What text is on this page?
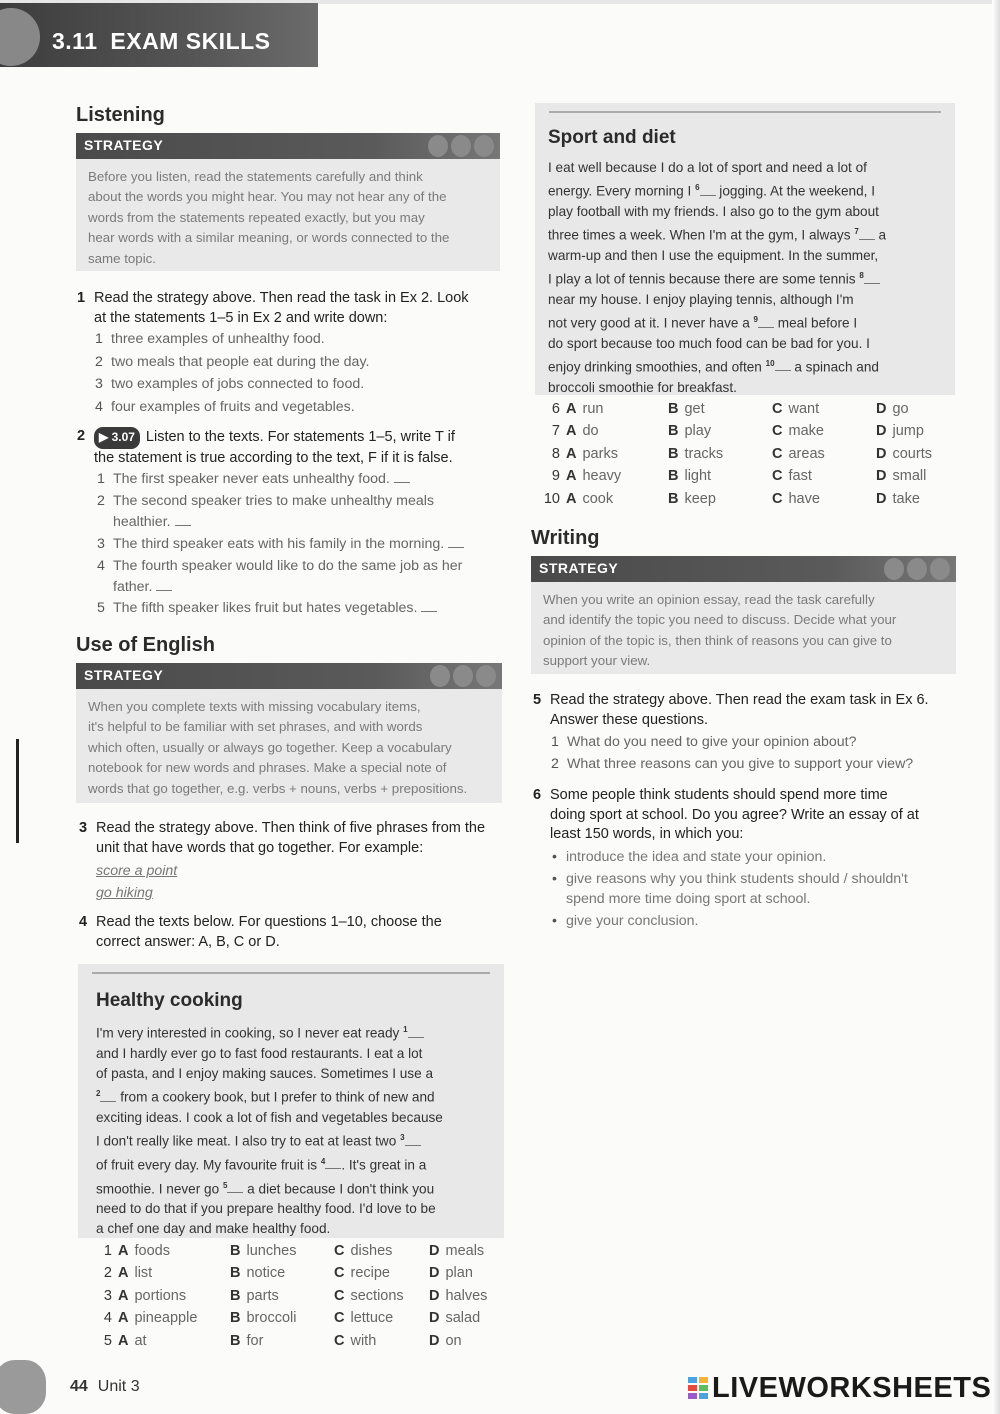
3.11 EXAM SKILLS
Listening
STRATEGY
Before you listen, read the statements carefully and think
about the words you might hear. You may not hear any of the
words from the statements repeated exactly, but you may
hear words with a similar meaning, or words connected to the
same topic.
1 Read the strategy above. Then read the task in Ex 2. Look
at the statements 1–5 in Ex 2 and write down:
1 three examples of unhealthy food.
2 two meals that people eat during the day.
3 two examples of jobs connected to food.
4 four examples of fruits and vegetables.
2 ▶ 3.07 Listen to the texts. For statements 1–5, write T if
the statement is true according to the text, F if it is false.
1 The first speaker never eats unhealthy food.
2 The second speaker tries to make unhealthy meals
healthier.
3 The third speaker eats with his family in the morning.
4 The fourth speaker would like to do the same job as her
father.
5 The fifth speaker likes fruit but hates vegetables.
Use of English
STRATEGY
When you complete texts with missing vocabulary items,
it's helpful to be familiar with set phrases, and with words
which often, usually or always go together. Keep a vocabulary
notebook for new words and phrases. Make a special note of
words that go together, e.g. verbs + nouns, verbs + prepositions.
3 Read the strategy above. Then think of five phrases from the
unit that have words that go together. For example:
score a point
go hiking
4 Read the texts below. For questions 1–10, choose the
correct answer: A, B, C or D.
Healthy cooking
I'm very interested in cooking, so I never eat ready $^1$
and I hardly ever go to fast food restaurants. I eat a lot
of pasta, and I enjoy making sauces. Sometimes I use a
$^2$ from a cookery book, but I prefer to think of new and
exciting ideas. I cook a lot of fish and vegetables because
I don't really like meat. I also try to eat at least two $^3$
of fruit every day. My favourite fruit is $^4$ . It's great in a
smoothie. I never go $^5$ a diet because I don't think you
need to do that if you prepare healthy food. I'd love to be
a chef one day and make healthy food.
1	A foods	B lunches	C dishes	D meals
2	A list	B notice	C recipe	D plan
3	A portions	B parts	C sections	D halves
4	A pineapple	B broccoli	C lettuce	D salad
5	A at	B for	C with	D on
Sport and diet
I eat well because I do a lot of sport and need a lot of
energy. Every morning I $^6$ jogging. At the weekend, I
play football with my friends. I also go to the gym about
three times a week. When I'm at the gym, I always $^7$ a
warm-up and then I use the equipment. In the summer,
I play a lot of tennis because there are some tennis $^8$
near my house. I enjoy playing tennis, although I'm
not very good at it. I never have a $^9$ meal before I
do sport because too much food can be bad for you. I
enjoy drinking smoothies, and often $^{10}$ a spinach and
broccoli smoothie for breakfast.
6	A run	B get	C want	D go
7	A do	B play	C make	D jump
8	A parks	B tracks	C areas	D courts
9	A heavy	B light	C fast	D small
10	A cook	B keep	C have	D take
Writing
STRATEGY
When you write an opinion essay, read the task carefully
and identify the topic you need to discuss. Decide what your
opinion of the topic is, then think of reasons you can give to
support your view.
5 Read the strategy above. Then read the exam task in Ex 6.
Answer these questions.
1 What do you need to give your opinion about?
2 What three reasons can you give to support your view?
6 Some people think students should spend more time
doing sport at school. Do you agree? Write an essay of at
least 150 words, in which you:
• introduce the idea and state your opinion.
• give reasons why you think students should / shouldn't
spend more time doing sport at school.
• give your conclusion.
44 Unit 3	LIVEWORKSHEETS
